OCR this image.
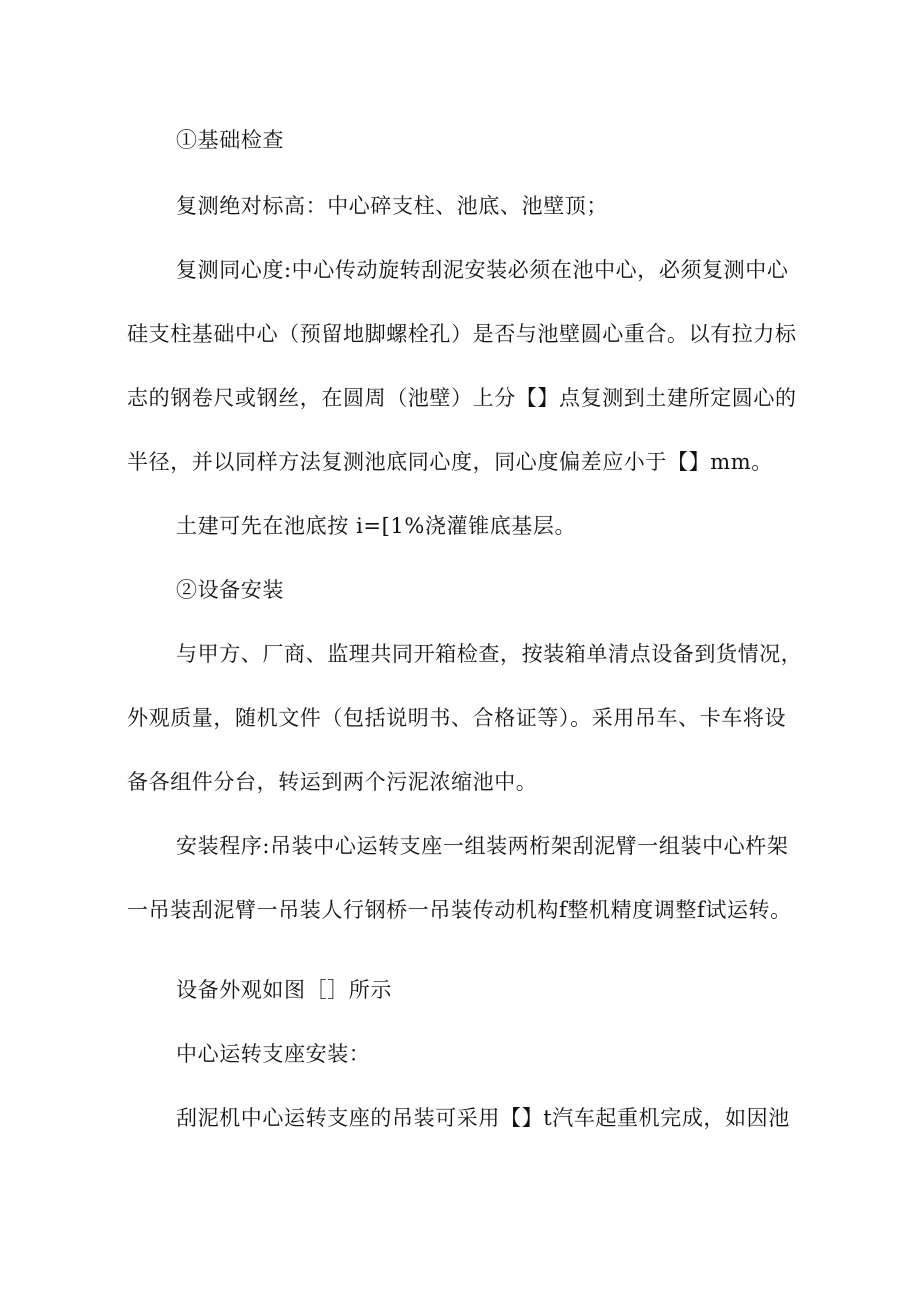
①基础检查
复测绝对标高：中心碎支柱、池底、池壁顶；
复测同心度:中心传动旋转刮泥安装必须在池中心，必须复测中心
硅支柱基础中心（预留地脚螺栓孔）是否与池壁圆心重合。以有拉力标
志的钢卷尺或钢丝，在圆周（池壁）上分【】点复测到土建所定圆心的
半径，并以同样方法复测池底同心度，同心度偏差应小于【】mm。
土建可先在池底按 i=[1%浇灌锥底基层。
②设备安装
与甲方、厂商、监理共同开箱检查，按装箱单清点设备到货情况，
外观质量，随机文件（包括说明书、合格证等）。采用吊车、卡车将设
备各组件分台，转运到两个污泥浓缩池中。
安装程序:吊装中心运转支座一组装两桁架刮泥臂一组装中心杵架
一吊装刮泥臂一吊装人行钢桥一吊装传动机构f整机精度调整f试运转。
设备外观如图［］所示
中心运转支座安装：
刮泥机中心运转支座的吊装可采用【】t汽车起重机完成，如因池
